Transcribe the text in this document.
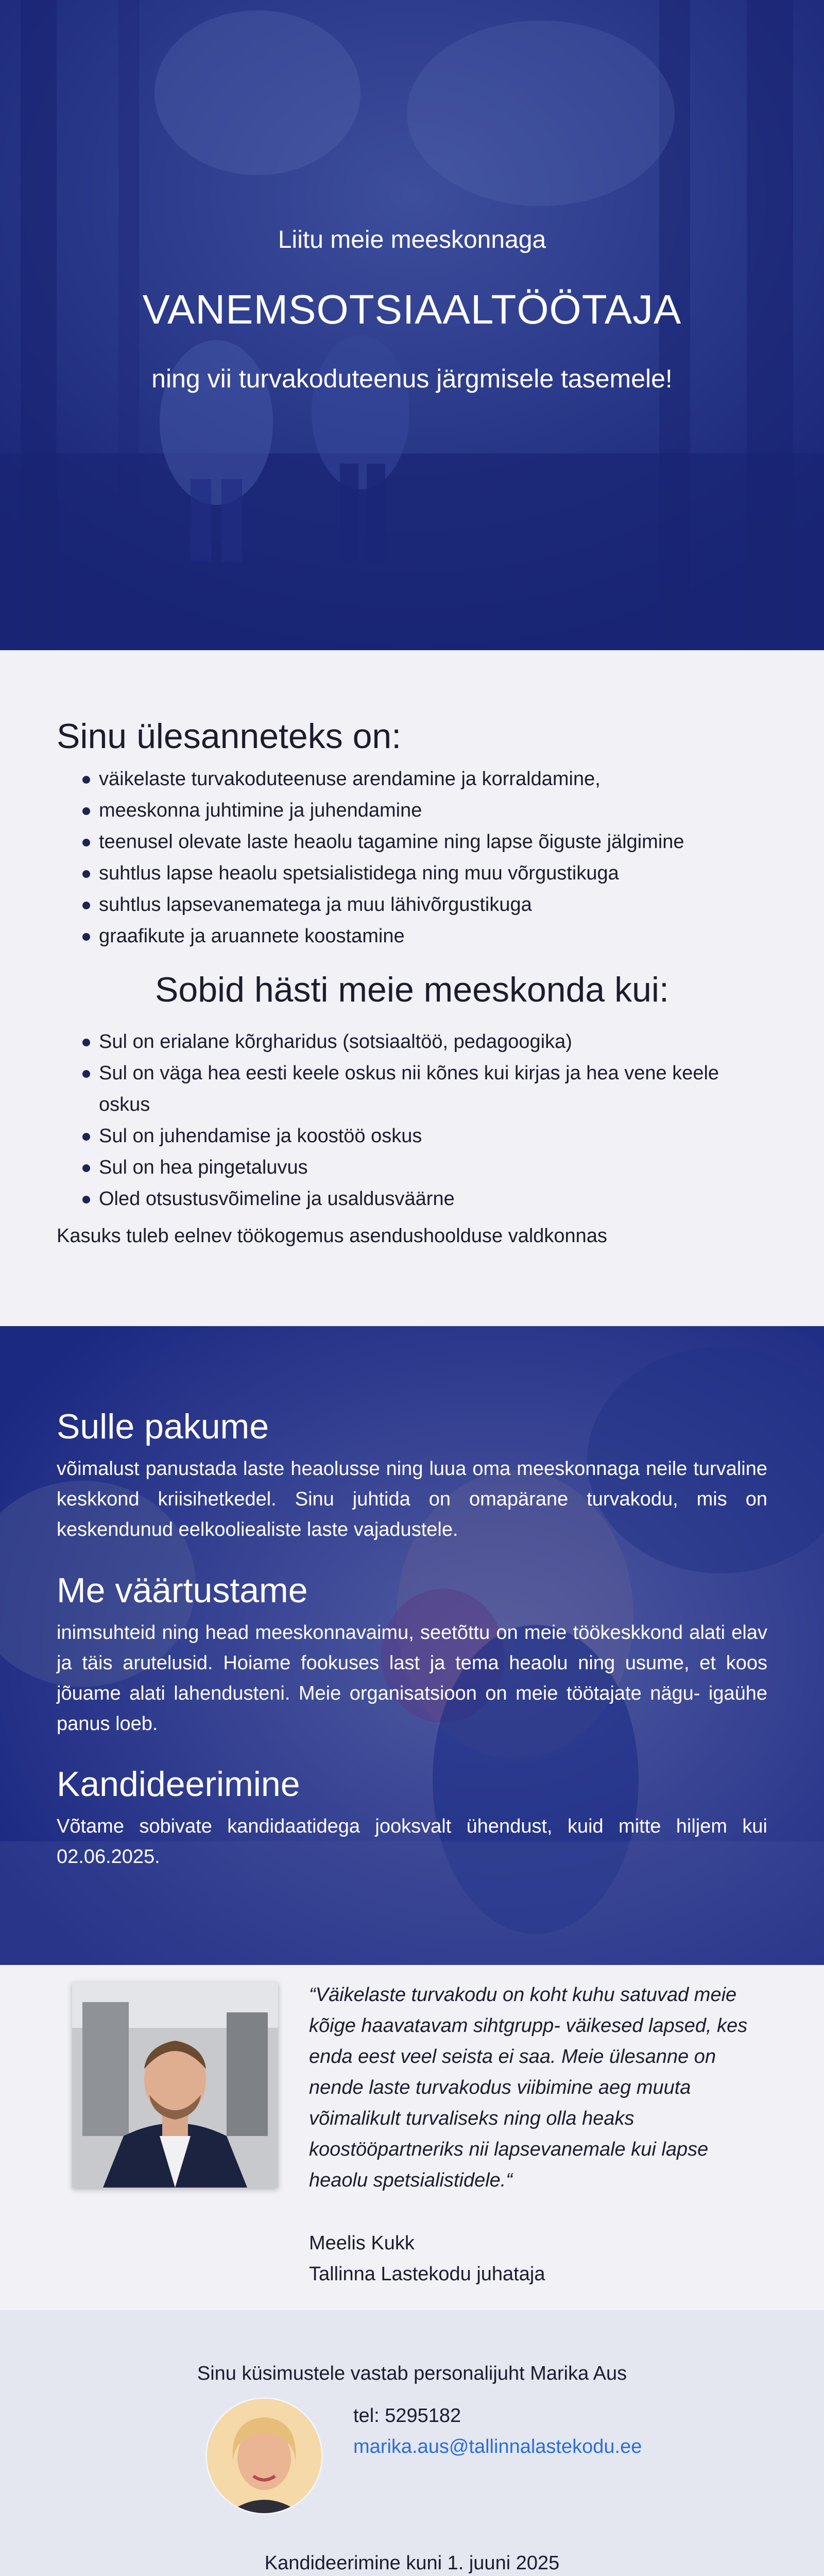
Liitu meie meeskonnaga
VANEMSOTSIAALTÖÖTAJA
ning vii turvakoduteenus järgmisele tasemele!
Sinu ülesanneteks on:
väikelaste turvakoduteenuse arendamine ja korraldamine,
meeskonna juhtimine ja juhendamine
teenusel olevate laste heaolu tagamine ning lapse õiguste jälgimine
suhtlus lapse heaolu spetsialistidega ning muu võrgustikuga
suhtlus lapsevanematega ja muu lähivõrgustikuga
graafikute ja aruannete koostamine
Sobid hästi meie meeskonda kui:
Sul on erialane kõrgharidus (sotsiaaltöö, pedagoogika)
Sul on väga hea eesti keele oskus nii kõnes kui kirjas ja hea vene keele oskus
Sul on juhendamise ja koostöö oskus
Sul on hea pingetaluvus
Oled otsustusvõimeline ja usaldusväärne

Kasuks tuleb eelnev töökogemus asendushoolduse valdkonnas

Sulle pakume

võimalust panustada laste heaolusse ning luua oma meeskonnaga neile turvaline keskkond kriisihetkedel. Sinu juhtida on omapärane turvakodu, mis on keskendunud eelkooliealiste laste vajadustele.

Me väärtustame

inimsuhteid ning head meeskonnavaimu, seetõttu on meie töökeskkond alati elav ja täis arutelusid. Hoiame fookuses last ja tema heaolu ning usume, et koos jõuame alati lahendusteni. Meie organisatsioon on meie töötajate nägu- igaühe panus loeb.

Kandideerimine

Võtame sobivate kandidaatidega jooksvalt ühendust, kuid mitte hiljem kui 02.06.2025.

“Väikelaste turvakodu on koht kuhu satuvad meie kõige haavatavam sihtgrupp- väikesed lapsed, kes enda eest veel seista ei saa. Meie ülesanne on nende laste turvakodus viibimine aeg muuta võimalikult turvaliseks ning olla heaks koostööpartneriks nii lapsevanemale kui lapse heaolu spetsialistidele.“

Meelis Kukk
Tallinna Lastekodu juhataja
Sinu küsimustele vastab personalijuht Marika Aus
tel: 5295182
marika.aus@tallinnalastekodu.ee
Kandideerimine kuni 1. juuni 2025
